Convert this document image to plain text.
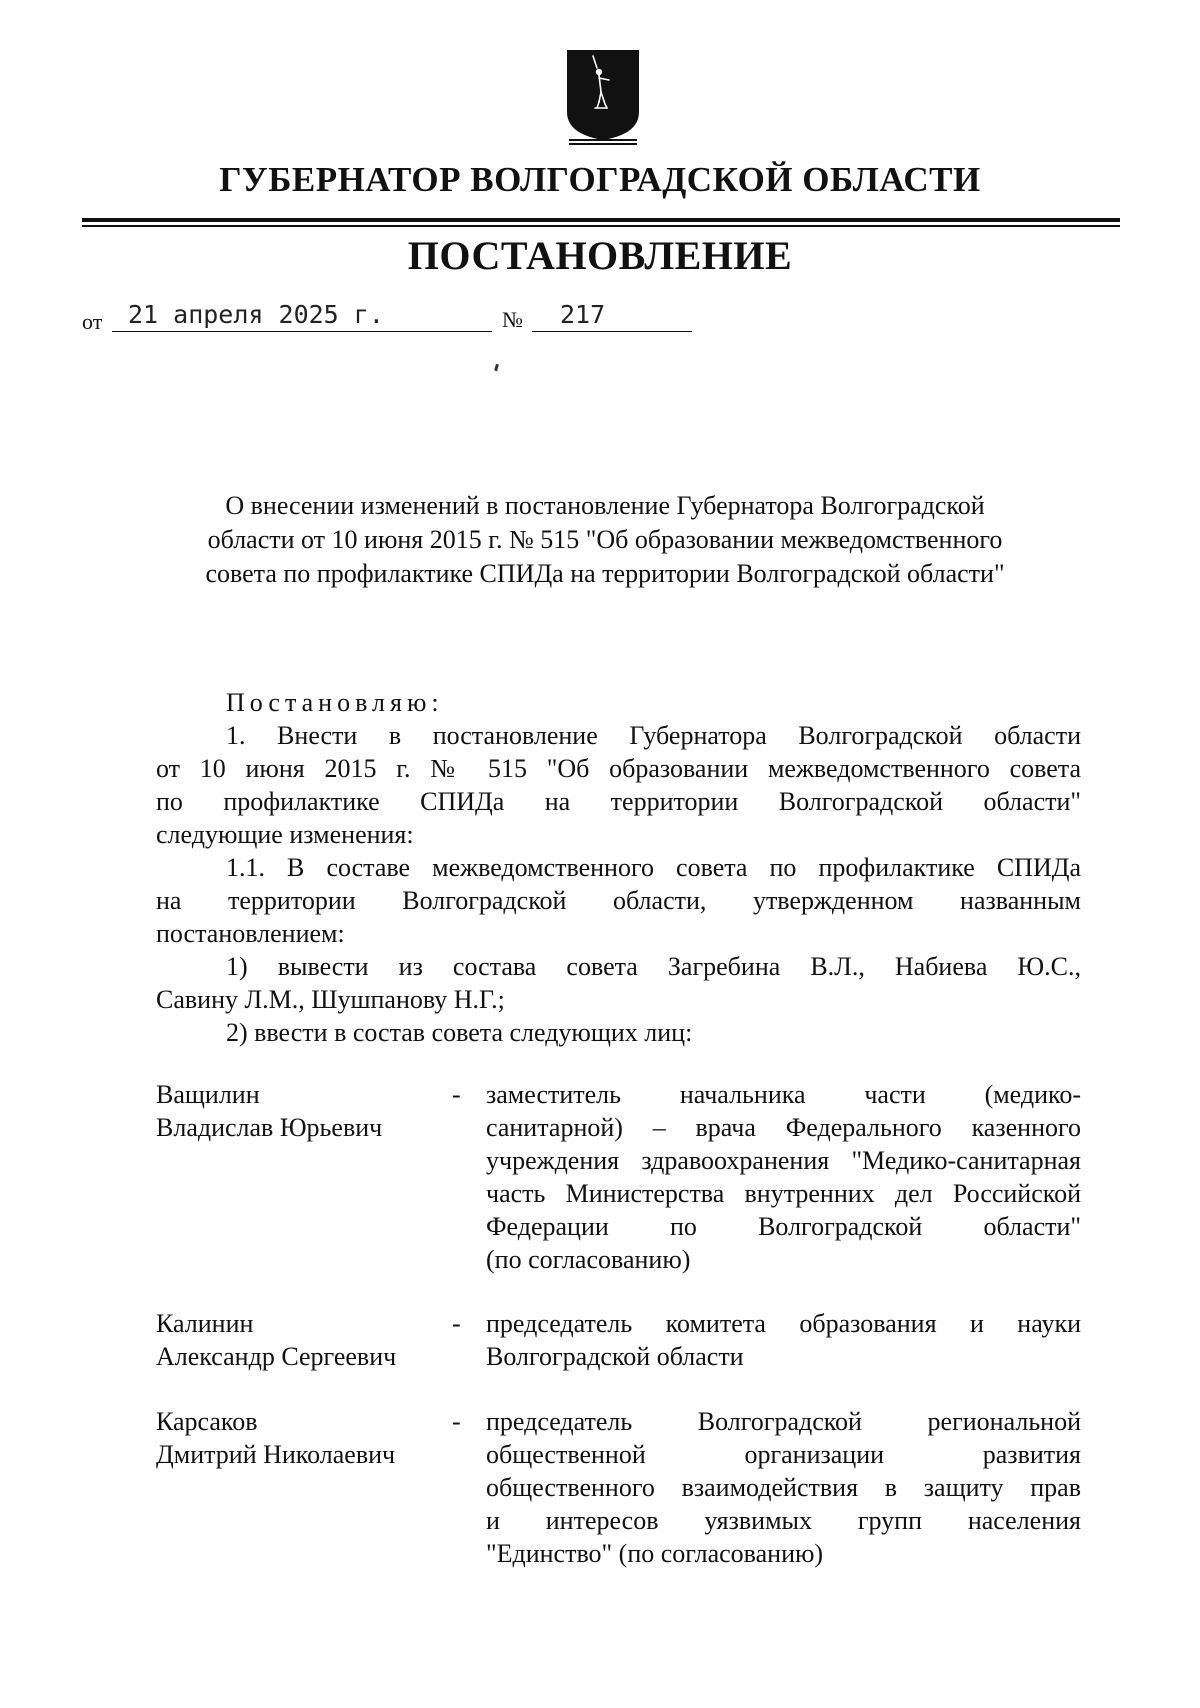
ГУБЕРНАТОР ВОЛГОГРАДСКОЙ ОБЛАСТИ
ПОСТАНОВЛЕНИЕ
от 21 апреля 2025 г.	№ 217
О внесении изменений в постановление Губернатора Волгоградской
области от 10 июня 2015 г. № 515 "Об образовании межведомственного
совета по профилактике СПИДа на территории Волгоградской области"

Постановляю:

1. Внести в постановление Губернатора Волгоградской области

от 10 июня 2015 г. № 515 "Об образовании межведомственного совета

по профилактике СПИДа на территории Волгоградской области"

следующие изменения:

1.1. В составе межведомственного совета по профилактике СПИДа

на территории Волгоградской области, утвержденном названным

постановлением:

1) вывести из состава совета Загребина В.Л., Набиева Ю.С.,

Савину Л.М., Шушпанову Н.Г.;

2) ввести в состав совета следующих лиц:

Ващилин
Владислав Юрьевич
- заместитель начальника части (медико-
санитарной) – врача Федерального казенного
учреждения здравоохранения "Медико-санитарная
часть Министерства внутренних дел Российской
Федерации по Волгоградской области"
(по согласованию)
Калинин
Александр Сергеевич
- председатель комитета образования и науки
Волгоградской области
Карсаков
Дмитрий Николаевич
- председатель Волгоградской региональной
общественной организации развития
общественного взаимодействия в защиту прав
и интересов уязвимых групп населения
"Единство" (по согласованию)
